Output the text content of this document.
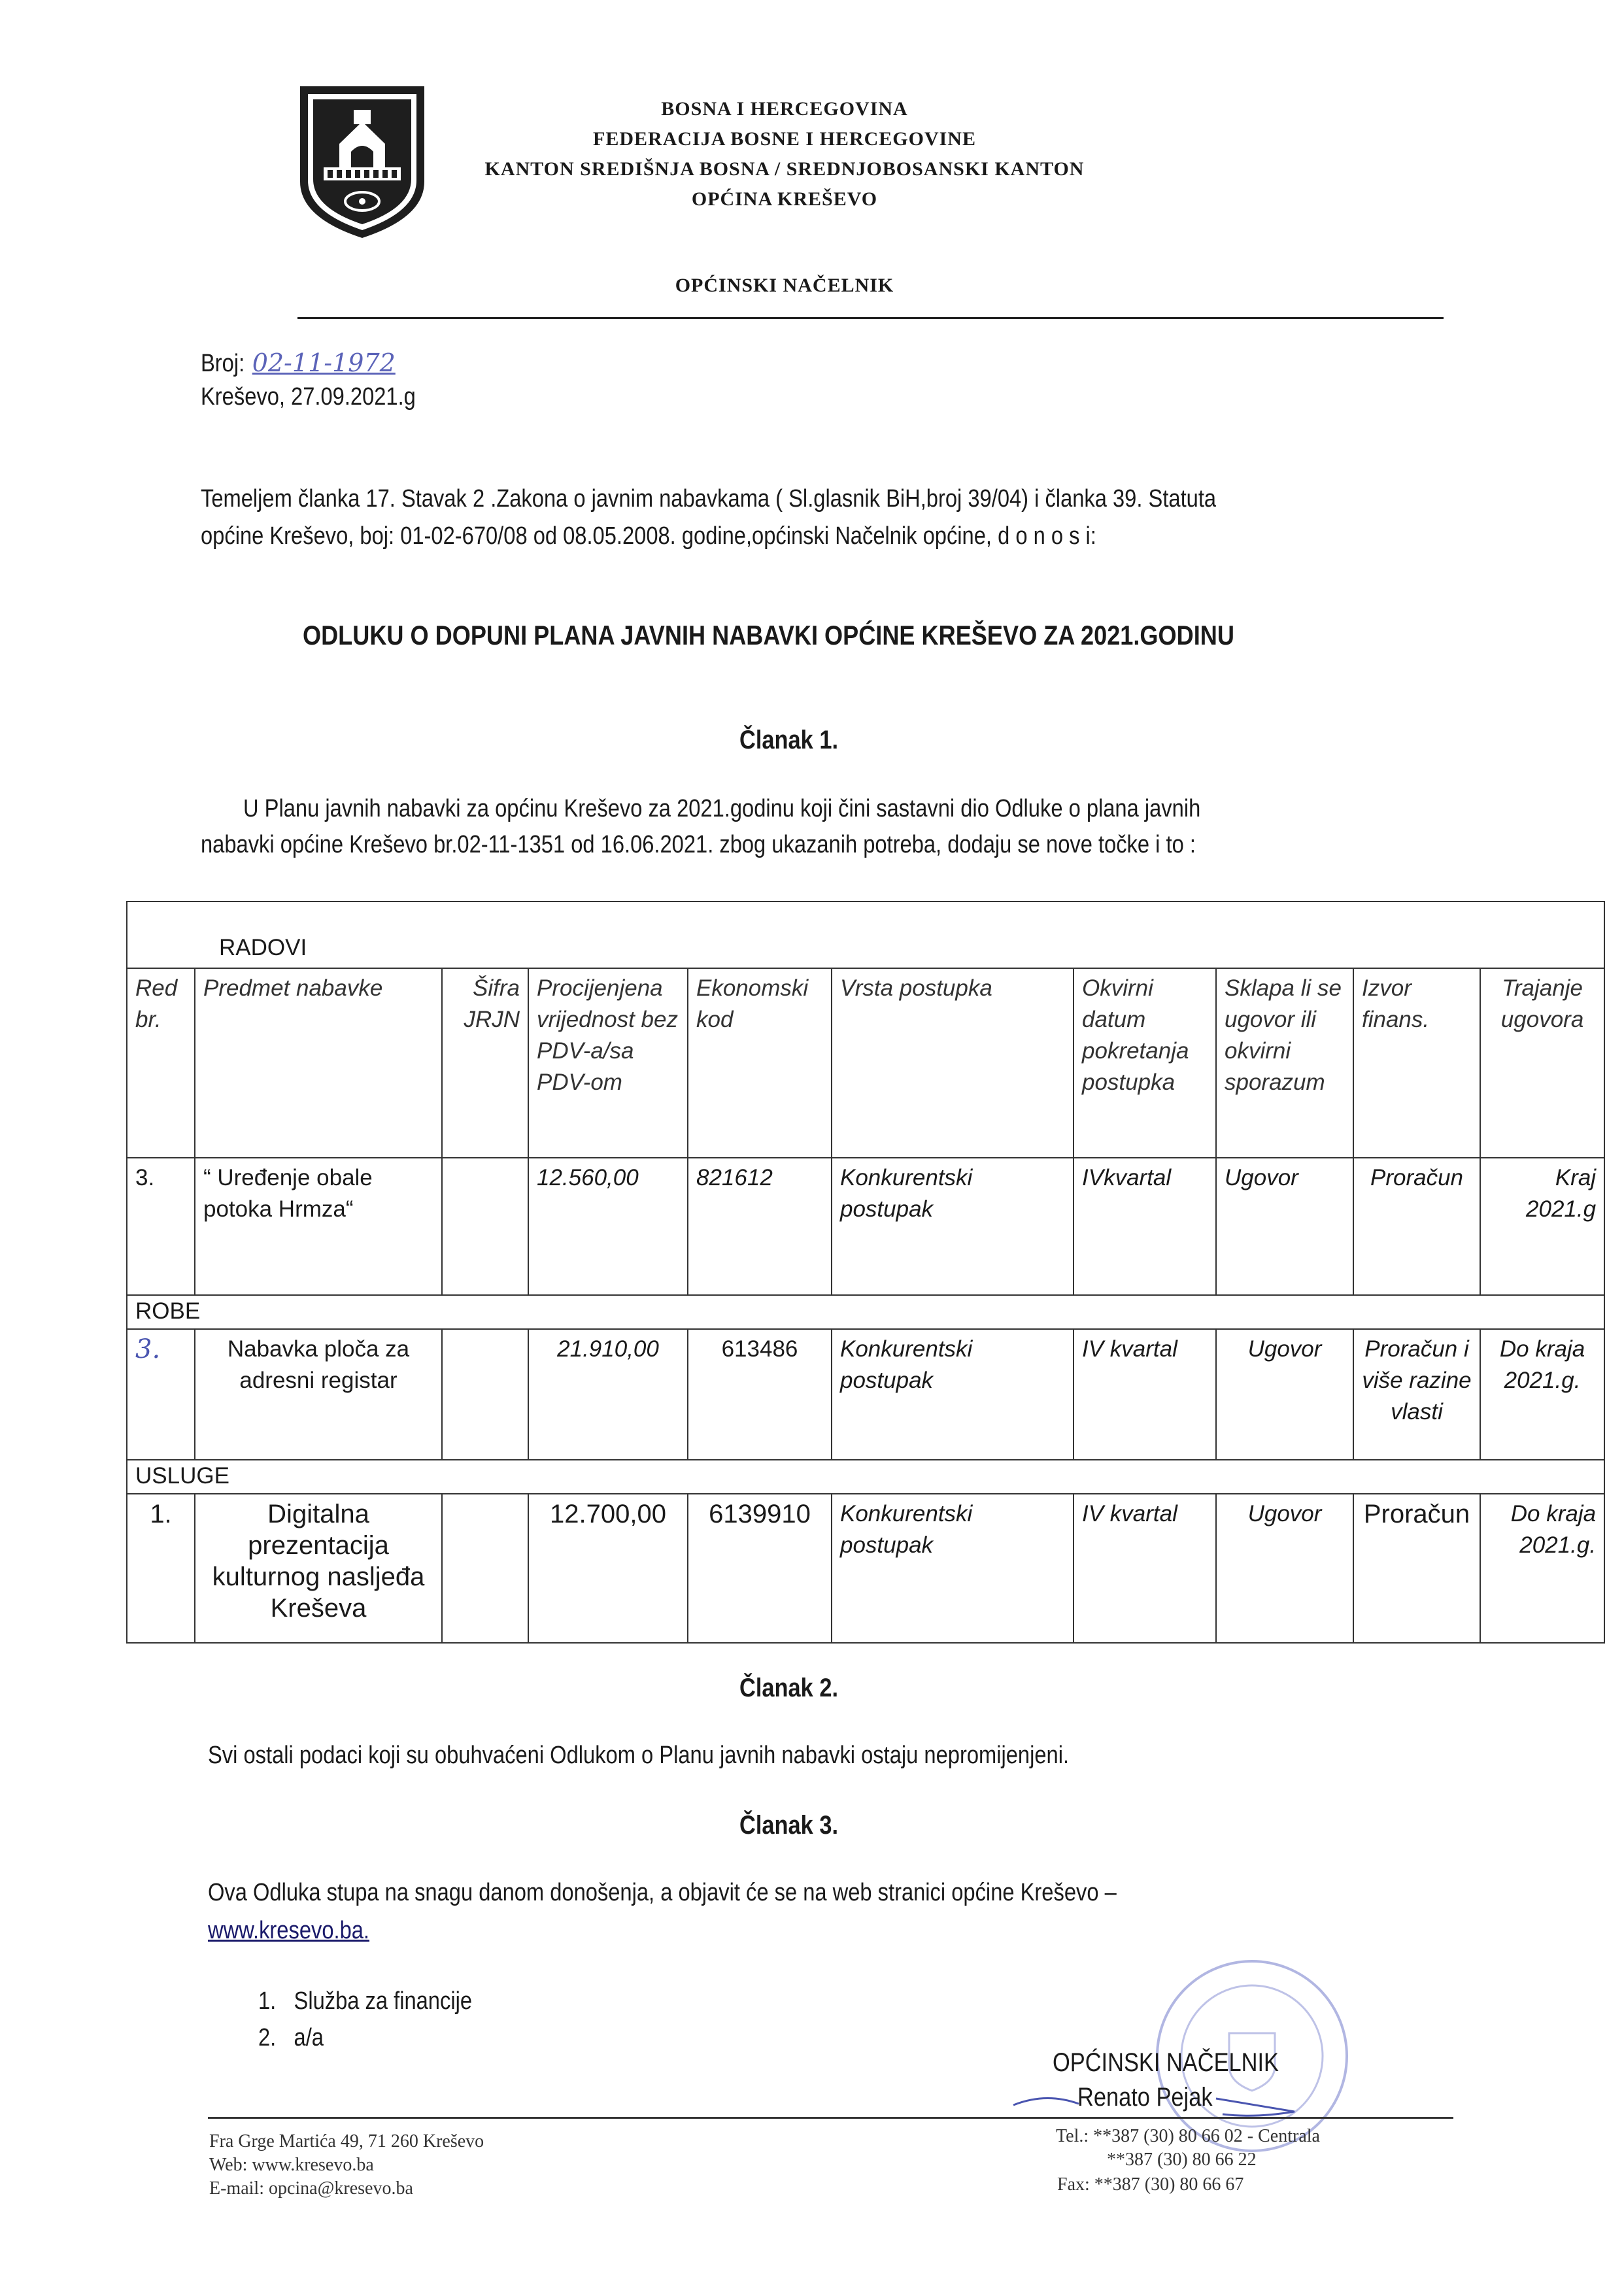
BOSNA I HERCEGOVINA
FEDERACIJA BOSNE I HERCEGOVINE
KANTON SREDIŠNJA BOSNA / SREDNJOBOSANSKI KANTON
OPĆINA KREŠEVO
OPĆINSKI NAČELNIK
Broj: 02-11-1972
Kreševo, 27.09.2021.g
Temeljem članka 17. Stavak 2 .Zakona o javnim nabavkama ( Sl.glasnik BiH,broj 39/04) i članka 39. Statuta
općine Kreševo, boj: 01-02-670/08 od 08.05.2008. godine,općinski Načelnik općine, d o n o s i:
ODLUKU O DOPUNI PLANA JAVNIH NABAVKI OPĆINE KREŠEVO ZA 2021.GODINU
Članak 1.
U Planu javnih nabavki za općinu Kreševo za 2021.godinu koji čini sastavni dio Odluke o plana javnih
nabavki općine Kreševo br.02-11-1351 od 16.06.2021. zbog ukazanih potreba, dodaju se nove točke i to :
RADOVI									
Red br.	Predmet nabavke	Šifra JRJN	Procijenjena vrijednost bez PDV-a/sa PDV-om	Ekonomski kod	Vrsta postupka	Okvirni datum pokretanja postupka	Sklapa li se ugovor ili okvirni sporazum	Izvor finans.	Trajanje ugovora
3.	“ Uređenje obale potoka Hrmza“		12.560,00	821612	Konkurentski postupak	IVkvartal	Ugovor	Proračun	Kraj 2021.g
ROBE									
3.	Nabavka ploča za adresni registar		21.910,00	613486	Konkurentski postupak	IV kvartal	Ugovor	Proračun i više razine vlasti	Do kraja 2021.g.
USLUGE									
1.	Digitalna prezentacija kulturnog nasljeđa Kreševa		12.700,00	6139910	Konkurentski postupak	IV kvartal	Ugovor	Proračun	Do kraja 2021.g.
Članak 2.
Svi ostali podaci koji su obuhvaćeni Odlukom o Planu javnih nabavki ostaju nepromijenjeni.
Članak 3.
Ova Odluka stupa na snagu danom donošenja, a objavit će se na web stranici općine Kreševo –
www.kresevo.ba.
1. Služba za financije
2. a/a
OPĆINSKI NAČELNIK
Renato Pejak
Fra Grge Martića 49, 71 260 Kreševo
Web: www.kresevo.ba
E-mail: opcina@kresevo.ba
Tel.: **387 (30) 80 66 02 - Centrala
**387 (30) 80 66 22
Fax: **387 (30) 80 66 67
